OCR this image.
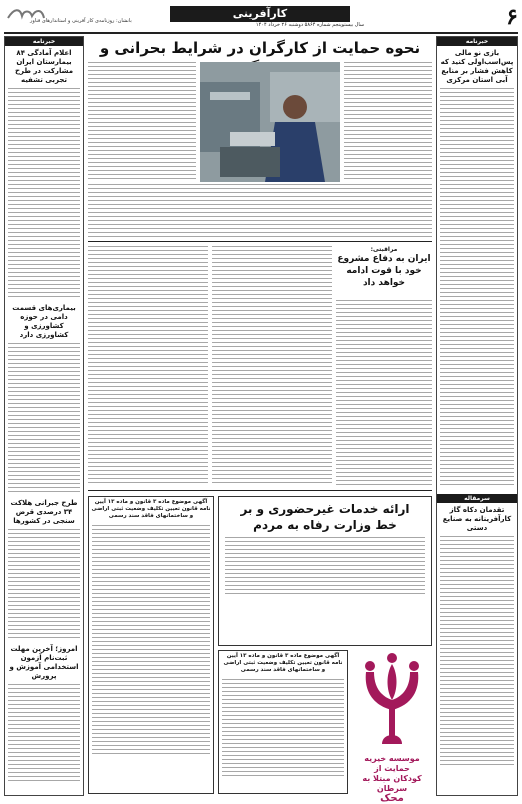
۶
کارآفرینی
سال بیستوپنجم شماره ۵۸۶۴ دوشنبه ۲۶ خرداد ۱۴۰۴
بانشان: روزنامه‌ی کار آفرینی و استاندار‌های فناور
خبرنامه
اعلام آمادگی ۸۴ بیمارستان ایران مشارکت در طرح تجربی تشفیه
بیماری‌های قسمت دامی در حوزه کشاورزی و کشاورزی دارد
طرح جبرانی هلاکت ۳۴ درصدی قرض سنجی در کشورها
امروز؛ آخرین مهلت ثبت‌نام آزمون استخدامی آموزش و پرورش
خبرنامه
بازی نو مالی پس‌اسب‌اولی کنید که کاهش فشار بر منابع آبی استان مرکزی
سرمقاله
تقدمان دکاه گاز کارآفرینانه به صنایع دستی
نحوه حمایت از کارگران در شرایط بحرانی و
مراقبتی:
ایران به دفاع مشروع خود با قوت ادامه خواهد داد
ارائه خدمات غیرحضوری و بر خط وزارت رفاه به مردم
آگهی موضوع ماده ۳ قانون و ماده ۱۳ آیین نامه قانون تعیین تکلیف وضعیت ثبتی اراضی و ساختمانهای فاقد سند رسمی
آگهی موضوع ماده ۳ قانون و ماده ۱۳ آیین نامه قانون تعیین تکلیف وضعیت ثبتی اراضی و ساختمانهای فاقد سند رسمی
موسسه خیریه حمایت از
کودکان مبتلا به سرطان
محک
